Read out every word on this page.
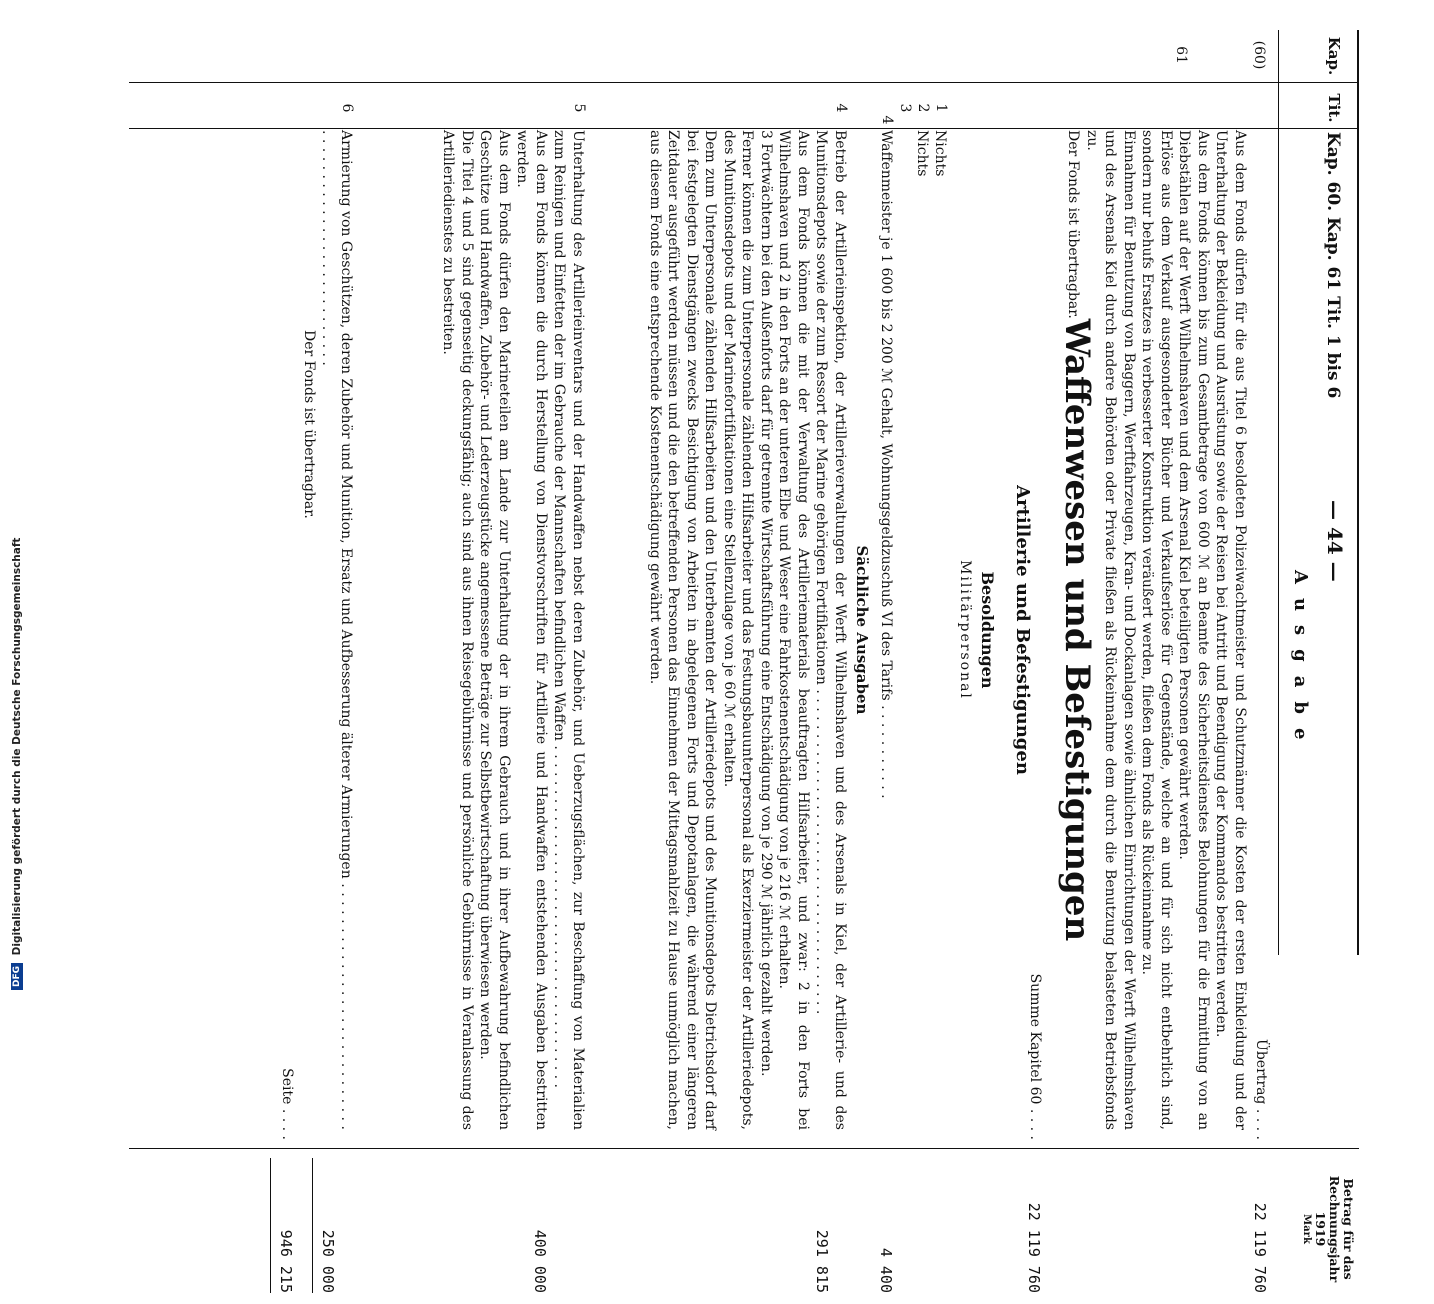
DFG Digitalisierung gefördert durch die Deutsche Forschungsgemeinschaft
Kap.
Tit.
Kap. 60. Kap. 61 Tit. 1 bis 6
— 44 —
Ausgabe
Betrag für das
Rechnungsjahr
1919
Mark
(60)
Übertrag . . . .
22 119 760

Aus dem Fonds dürfen für die aus Titel 6 besoldeten Polizeiwachtmeister und Schutzmänner die Kosten der ersten Einkleidung und der Unterhaltung der Bekleidung und Ausrüstung sowie der Reisen bei Antritt und Beendigung der Kommandos bestritten werden.

Aus dem Fonds können bis zum Gesamtbetrage von 600 ℳ an Beamte des Sicherheitsdienstes Belohnungen für die Ermittlung von an Diebstählen auf der Werft Wilhelmshaven und dem Arsenal Kiel beteiligten Personen gewährt werden.

Erlöse aus dem Verkauf ausgesonderter Bücher und Verkaufserlöse für Gegenstände, welche an und für sich nicht entbehrlich sind, sondern nur behufs Ersatzes in verbesserter Konstruktion veräußert werden, fließen dem Fonds als Rückeinnahme zu.

Einnahmen für Benutzung von Baggern, Werftfahrzeugen, Kran- und Dockanlagen sowie ähnlichen Einrichtungen der Werft Wilhelmshaven und des Arsenals Kiel durch andere Behörden oder Private fließen als Rückeinnahme dem durch die Benutzung belasteten Betriebsfonds zu.

Der Fonds ist übertragbar.

Summe Kapitel 60 . . . .
22 119 760
61
Waffenwesen und Befestigungen
Artillerie und Befestigungen
Besoldungen
Militärpersonal
1
Nichts
2
Nichts
3
4
Waffenmeister je 1 600 bis 2 200 ℳ Gehalt, Wohnungsgeldzuschuß VI des Tarifs . . . . . . . . . . .
4 400
Sächliche Ausgaben
4

Betrieb der Artillerieinspektion, der Artillerieverwaltungen der Werft Wilhelmshaven und des Arsenals in Kiel, der Artillerie- und des Munitionsdepots sowie der zum Ressort der Marine gehörigen Fortifikationen . . . . . . . . . . . . . . . . . . . . . . . . . . . . . . . . . . . . .

Aus dem Fonds können die mit der Verwaltung des Artilleriematerials beauftragten Hilfsarbeiter, und zwar: 2 in den Forts bei Wilhelmshaven und 2 in den Forts an der unteren Elbe und Weser eine Fahrkostenentschädigung von je 216 ℳ erhalten.

3 Fortwächtern bei den Außenforts darf für getrennte Wirtschaftsführung eine Entschädigung von je 290 ℳ jährlich gezahlt werden.

Ferner können die zum Unterpersonale zählenden Hilfsarbeiter und das Festungsbauunterpersonal als Exerziermeister der Artilleriedepots, des Munitionsdepots und der Marinefortifikationen eine Stellenzulage von je 60 ℳ erhalten.

Dem zum Unterpersonale zählenden Hilfsarbeiten und den Unterbeamten der Artilleriedepots und des Munitionsdepots Dietrichsdorf darf bei festgelegten Dienstgängen zwecks Besichtigung von Arbeiten in abgelegenen Forts und Depotanlagen, die während einer längeren Zeitdauer ausgeführt werden müssen und die den betreffenden Personen das Einnehmen der Mittagsmahlzeit zu Hause unmöglich machen, aus diesem Fonds eine entsprechende Kostenentschädigung gewährt werden.

291 815
5

Unterhaltung des Artillerieinventars und der Handwaffen nebst deren Zubehör, und Ueberzugsflächen, zur Beschaffung von Materialien zum Reinigen und Einfetten der im Gebrauche der Mannschaften befindlichen Waffen . . . . . . . . . . . . . . . . . . . . . . . . . . . . . . . . . . . . . . .

Aus dem Fonds können die durch Herstellung von Dienstvorschriften für Artillerie und Handwaffen entstehenden Ausgaben bestritten werden.

Aus dem Fonds dürfen den Marineteilen am Lande zur Unterhaltung der in ihrem Gebrauch und in ihrer Aufbewahrung befindlichen Geschütze und Handwaffen, Zubehör- und Lederzeugstücke angemessene Beträge zur Selbstbewirtschaftung überwiesen werden.

Die Titel 4 und 5 sind gegenseitig deckungsfähig; auch sind aus ihnen Reisegebührnisse und persönliche Gebührnisse in Veranlassung des Artilleriedienstes zu bestreiten.

400 000
6

Armierung von Geschützen, deren Zubehör und Munition, Ersatz und Aufbesserung älterer Armierungen . . . . . . . . . . . . . . . . . . . . . . . . . . . . . . . . . . . . . . . . . . . . . . . . . . . . . . .

Der Fonds ist übertragbar.

250 000
Seite . . . .
946 215
